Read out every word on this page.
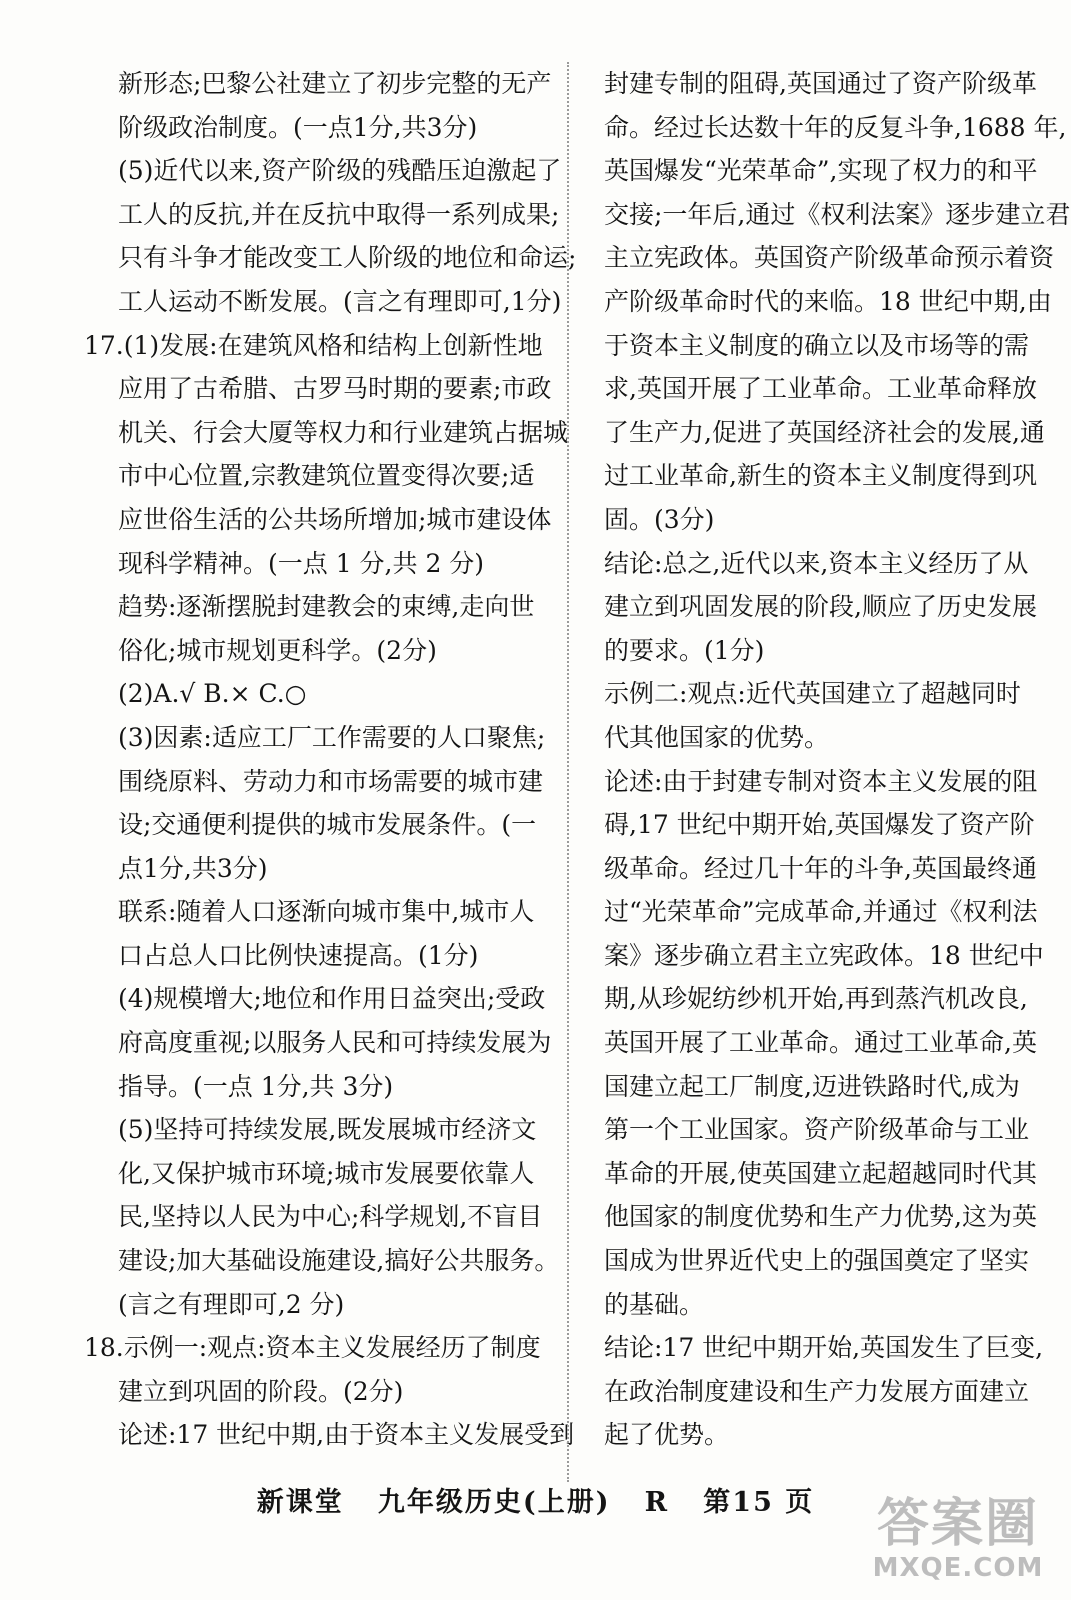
新形态;巴黎公社建立了初步完整的无产
阶级政治制度。(一点1分,共3分)
(5)近代以来,资产阶级的残酷压迫激起了
工人的反抗,并在反抗中取得一系列成果;
只有斗争才能改变工人阶级的地位和命运;
工人运动不断发展。(言之有理即可,1分)
17.(1)发展:在建筑风格和结构上创新性地
应用了古希腊、古罗马时期的要素;市政
机关、行会大厦等权力和行业建筑占据城
市中心位置,宗教建筑位置变得次要;适
应世俗生活的公共场所增加;城市建设体
现科学精神。(一点 1 分,共 2 分)
趋势:逐渐摆脱封建教会的束缚,走向世
俗化;城市规划更科学。(2分)
(2)A.√ B.× C.○
(3)因素:适应工厂工作需要的人口聚焦;
围绕原料、劳动力和市场需要的城市建
设;交通便利提供的城市发展条件。(一
点1分,共3分)
联系:随着人口逐渐向城市集中,城市人
口占总人口比例快速提高。(1分)
(4)规模增大;地位和作用日益突出;受政
府高度重视;以服务人民和可持续发展为
指导。(一点 1分,共 3分)
(5)坚持可持续发展,既发展城市经济文
化,又保护城市环境;城市发展要依靠人
民,坚持以人民为中心;科学规划,不盲目
建设;加大基础设施建设,搞好公共服务。
(言之有理即可,2 分)
18.示例一:观点:资本主义发展经历了制度
建立到巩固的阶段。(2分)
论述:17 世纪中期,由于资本主义发展受到
封建专制的阻碍,英国通过了资产阶级革
命。经过长达数十年的反复斗争,1688 年,
英国爆发“光荣革命”,实现了权力的和平
交接;一年后,通过《权利法案》逐步建立君
主立宪政体。英国资产阶级革命预示着资
产阶级革命时代的来临。18 世纪中期,由
于资本主义制度的确立以及市场等的需
求,英国开展了工业革命。工业革命释放
了生产力,促进了英国经济社会的发展,通
过工业革命,新生的资本主义制度得到巩
固。(3分)
结论:总之,近代以来,资本主义经历了从
建立到巩固发展的阶段,顺应了历史发展
的要求。(1分)
示例二:观点:近代英国建立了超越同时
代其他国家的优势。
论述:由于封建专制对资本主义发展的阻
碍,17 世纪中期开始,英国爆发了资产阶
级革命。经过几十年的斗争,英国最终通
过“光荣革命”完成革命,并通过《权利法
案》逐步确立君主立宪政体。18 世纪中
期,从珍妮纺纱机开始,再到蒸汽机改良,
英国开展了工业革命。通过工业革命,英
国建立起工厂制度,迈进铁路时代,成为
第一个工业国家。资产阶级革命与工业
革命的开展,使英国建立起超越同时代其
他国家的制度优势和生产力优势,这为英
国成为世界近代史上的强国奠定了坚实
的基础。
结论:17 世纪中期开始,英国发生了巨变,
在政治制度建设和生产力发展方面建立
起了优势。
新课堂   九年级历史(上册)   R   第15 页	答案圈
MXQE.COM
